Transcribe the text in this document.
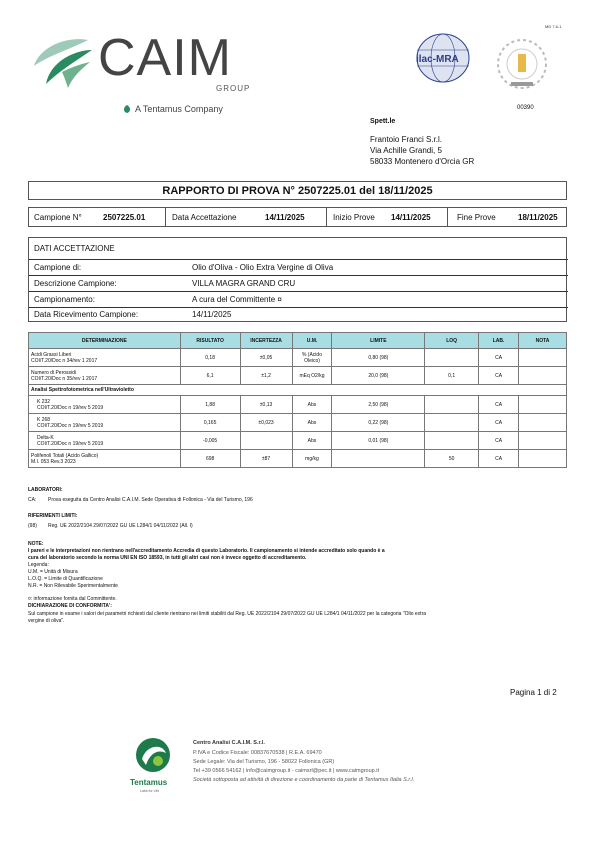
CAIM
GROUP
A Tentamus Company
MD 7.6-1
ilac-MRA
00390
Spett.le
Frantoio Franci S.r.l.
Via Achille Grandi, 5
58033 Montenero d'Orcia GR
RAPPORTO DI PROVA N° 2507225.01 del 18/11/2025
Campione N°	2507225.01	Data Accettazione	14/11/2025	Inizio Prove 14/11/2025	Fine Prove	18/11/2025
DATI ACCETTAZIONE
Campione di:	Olio d'Oliva - Olio Extra Vergine di Oliva
Descrizione Campione:	VILLA MAGRA GRAND CRU
Campionamento:	A cura del Committente ¤
Data Ricevimento Campione:	14/11/2025
DETERMINAZIONE	RISULTATO	INCERTEZZA	U.M.	LIMITE	LOQ	LAB.	NOTA

Acidi Grassi Liberi
COI/T.20/Doc n 34/rev 1 2017	0,18	±0,05	% (Acido Oleico)	0,80 (98)		CA	

Numero di Perossidi
COI/T.20/Doc n 35/rev 1 2017	6,1	±1,2	mEq O2/kg	20,0 (98)	0,1	CA	
Analisi Spettrofotometrica nell'Ultravioletto							

K 232
COI/T.20/Doc n 19/rev 5 2019	1,88	±0,13	Abs	2,50 (98)		CA	

K 268
COI/T.20/Doc n 19/rev 5 2019	0,165	±0,023	Abs	0,22 (98)		CA	

Delta-K
COI/T.20/Doc n 19/rev 5 2019	-0,005		Abs	0,01 (98)		CA	

Polifenoli Totali (Acido Gallico)
M.I. 053 Rev.3 2023	698	±87	mg/kg		50	CA	
LABORATORI:
CA: Prova eseguita da Centro Analisi C.A.I.M. Sede Operativa di Follonica - Via del Turismo, 196
RIFERIMENTI LIMITI:
(98) Reg. UE 2022/2104 29/07/2022 GU UE L284/1 04/11/2022 (All. I)
NOTE:
I pareri e le interpretazioni non rientrano nell'accreditamento Accredia di questo Laboratorio. Il campionamento si intende accreditato solo quando è a
cura del laboratorio secondo la norma UNI EN ISO 18593, in tutti gli altri casi non è invece oggetto di accreditamento.
Legenda:
U.M. = Unità di Misura
L.O.Q. = Limite di Quantificazione
N.R. = Non Rilevabile Sperimentalmente
¤: informazione fornita dal Committente.
DICHIARAZIONE DI CONFORMITA':
Sul campione in esame i valori dei parametri richiesti dal cliente rientrano nei limiti stabiliti dal Reg. UE 2022/2104 29/07/2022 GU UE L284/1 04/11/2022 per la categoria "Olio extra
vergine di oliva".
Pagina 1 di 2
Tentamus
Labs for Life
Centro Analisi C.A.I.M. S.r.l.
P.IVA e Codice Fiscale: 00837670538 | R.E.A. 69470
Sede Legale: Via del Turismo, 196 - 58022 Follonica (GR)
Tel +39 0566 54162 | info@caimgroup.it - caimsrl@pec.it | www.caimgroup.it
Società sottoposta ad attività di direzione e coordinamento da parte di Tentamus Italia S.r.l.
